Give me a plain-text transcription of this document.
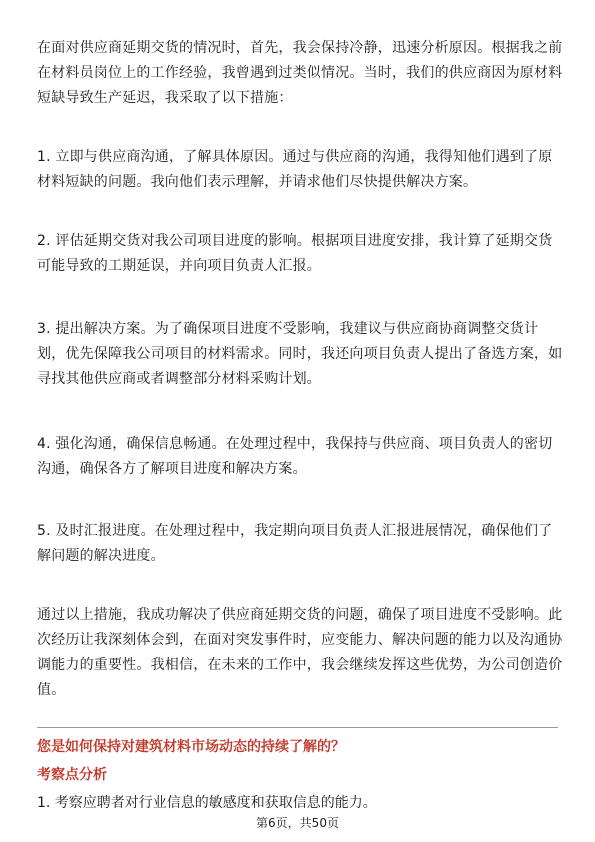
在面对供应商延期交货的情况时，首先，我会保持冷静，迅速分析原因。根据我之前在材料员岗位上的工作经验，我曾遇到过类似情况。当时，我们的供应商因为原材料短缺导致生产延迟，我采取了以下措施：

1. 立即与供应商沟通，了解具体原因。通过与供应商的沟通，我得知他们遇到了原材料短缺的问题。我向他们表示理解，并请求他们尽快提供解决方案。

2. 评估延期交货对我公司项目进度的影响。根据项目进度安排，我计算了延期交货可能导致的工期延误，并向项目负责人汇报。

3. 提出解决方案。为了确保项目进度不受影响，我建议与供应商协商调整交货计划，优先保障我公司项目的材料需求。同时，我还向项目负责人提出了备选方案，如寻找其他供应商或者调整部分材料采购计划。

4. 强化沟通，确保信息畅通。在处理过程中，我保持与供应商、项目负责人的密切沟通，确保各方了解项目进度和解决方案。

5. 及时汇报进度。在处理过程中，我定期向项目负责人汇报进展情况，确保他们了解问题的解决进度。

通过以上措施，我成功解决了供应商延期交货的问题，确保了项目进度不受影响。此次经历让我深刻体会到，在面对突发事件时，应变能力、解决问题的能力以及沟通协调能力的重要性。我相信，在未来的工作中，我会继续发挥这些优势，为公司创造价值。

您是如何保持对建筑材料市场动态的持续了解的？

考察点分析

1. 考察应聘者对行业信息的敏感度和获取信息的能力。

第6页，共50页
